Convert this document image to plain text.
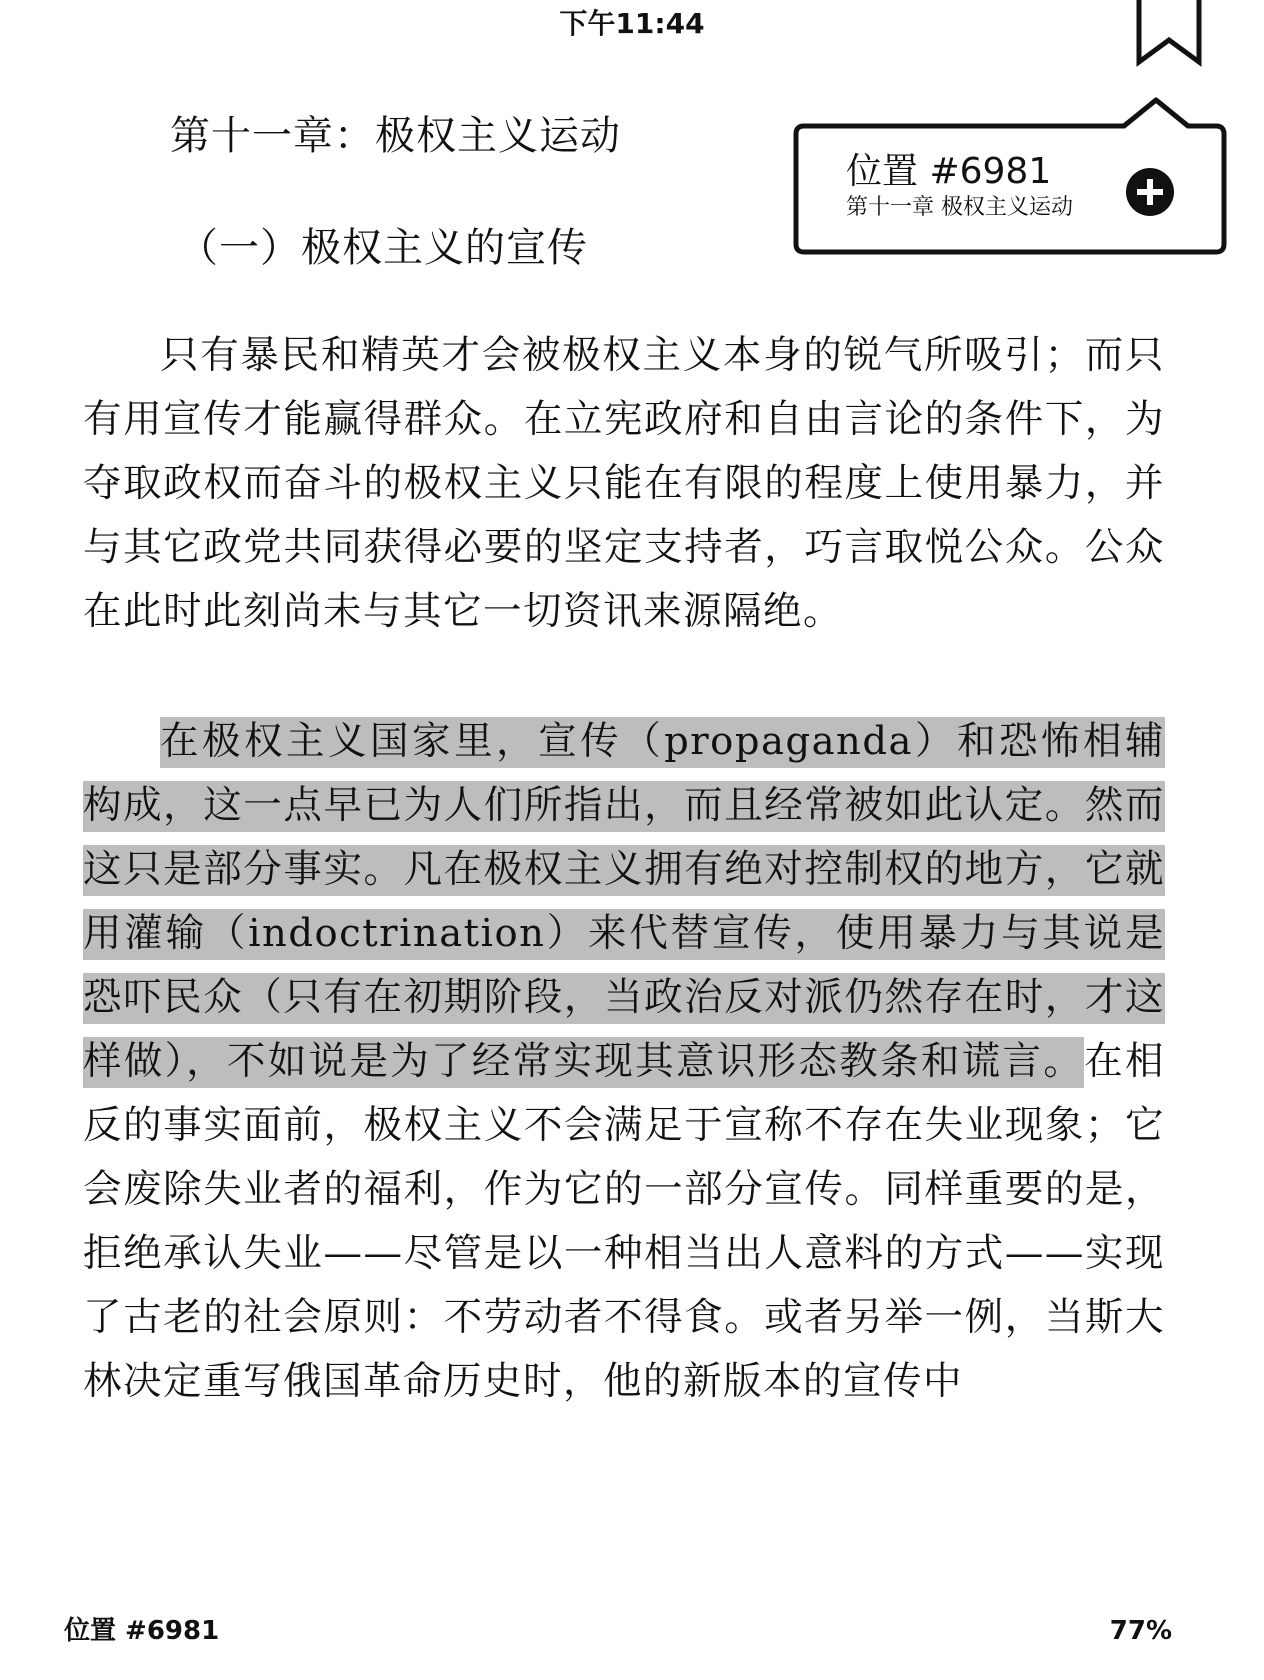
下午11:44
第十一章：极权主义运动
（一）极权主义的宣传
位置 #6981
第十一章 极权主义运动

只有暴民和精英才会被极权主义本身的锐气所吸引；而只有用宣传才能赢得群众。在立宪政府和自由言论的条件下，为夺取政权而奋斗的极权主义只能在有限的程度上使用暴力，并与其它政党共同获得必要的坚定支持者，巧言取悦公众。公众在此时此刻尚未与其它一切资讯来源隔绝。

在极权主义国家里，宣传（propaganda）和恐怖相辅构成，这一点早已为人们所指出，而且经常被如此认定。然而这只是部分事实。凡在极权主义拥有绝对控制权的地方，它就用灌输（indoctrination）来代替宣传，使用暴力与其说是恐吓民众（只有在初期阶段，当政治反对派仍然存在时，才这样做），不如说是为了经常实现其意识形态教条和谎言。在相反的事实面前，极权主义不会满足于宣称不存在失业现象；它会废除失业者的福利，作为它的一部分宣传。同样重要的是，拒绝承认失业——尽管是以一种相当出人意料的方式——实现了古老的社会原则：不劳动者不得食。或者另举一例，当斯大林决定重写俄国革命历史时，他的新版本的宣传中

位置 #6981	77%
